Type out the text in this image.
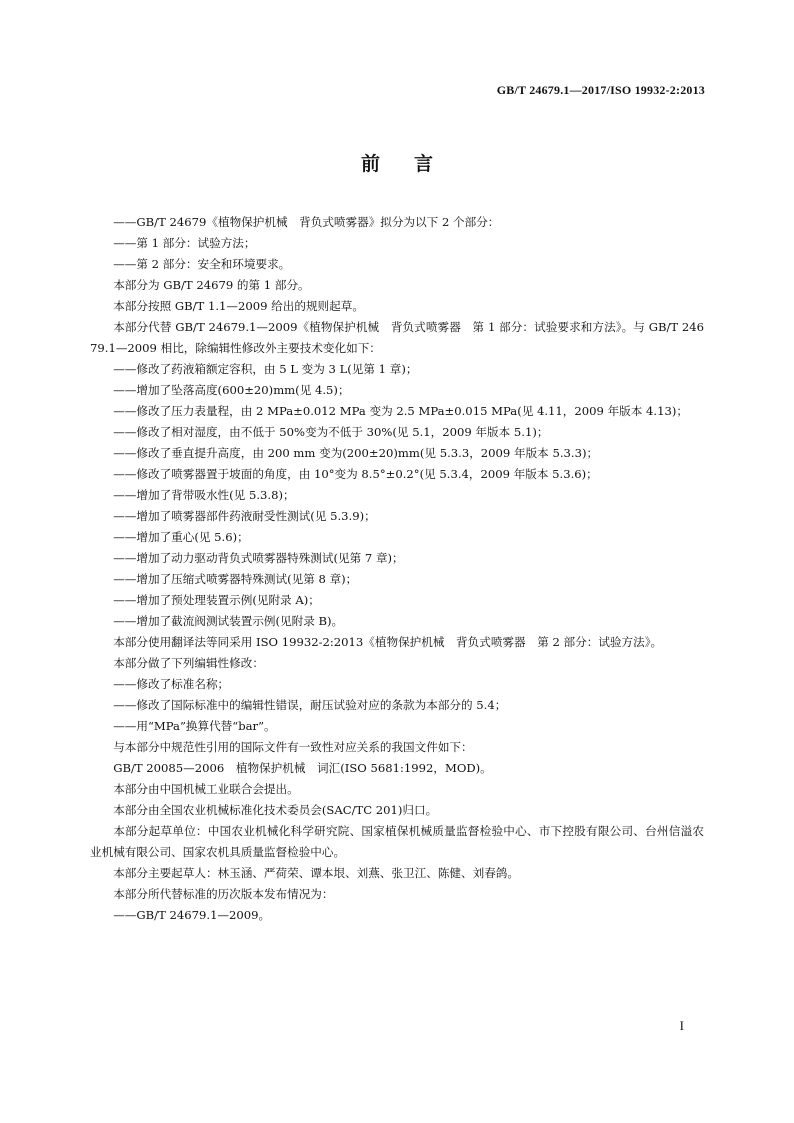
GB/T 24679.1—2017/ISO 19932-2:2013
前言

——GB/T 24679《植物保护机械　背负式喷雾器》拟分为以下 2 个部分：

——第 1 部分：试验方法；

——第 2 部分：安全和环境要求。

本部分为 GB/T 24679 的第 1 部分。

本部分按照 GB/T 1.1—2009 给出的规则起草。

本部分代替 GB/T 24679.1—2009《植物保护机械　背负式喷雾器　第 1 部分：试验要求和方法》。与 GB/T 24679.1—2009 相比，除编辑性修改外主要技术变化如下：

——修改了药液箱额定容积，由 5 L 变为 3 L(见第 1 章)；

——增加了坠落高度(600±20)mm(见 4.5)；

——修改了压力表量程，由 2 MPa±0.012 MPa 变为 2.5 MPa±0.015 MPa(见 4.11，2009 年版本 4.13)；

——修改了相对湿度，由不低于 50%变为不低于 30%(见 5.1，2009 年版本 5.1)；

——修改了垂直提升高度，由 200 mm 变为(200±20)mm(见 5.3.3，2009 年版本 5.3.3)；

——修改了喷雾器置于坡面的角度，由 10°变为 8.5°±0.2°(见 5.3.4，2009 年版本 5.3.6)；

——增加了背带吸水性(见 5.3.8)；

——增加了喷雾器部件药液耐受性测试(见 5.3.9)；

——增加了重心(见 5.6)；

——增加了动力驱动背负式喷雾器特殊测试(见第 7 章)；

——增加了压缩式喷雾器特殊测试(见第 8 章)；

——增加了预处理装置示例(见附录 A)；

——增加了截流阀测试装置示例(见附录 B)。

本部分使用翻译法等同采用 ISO 19932-2:2013《植物保护机械　背负式喷雾器　第 2 部分：试验方法》。

本部分做了下列编辑性修改：

——修改了标准名称；

——修改了国际标准中的编辑性错误，耐压试验对应的条款为本部分的 5.4；

——用“MPa”换算代替“bar”。

与本部分中规范性引用的国际文件有一致性对应关系的我国文件如下：

GB/T 20085—2006　植物保护机械　词汇(ISO 5681:1992，MOD)。

本部分由中国机械工业联合会提出。

本部分由全国农业机械标准化技术委员会(SAC/TC 201)归口。

本部分起草单位：中国农业机械化科学研究院、国家植保机械质量监督检验中心、市下控股有限公司、台州信溢农业机械有限公司、国家农机具质量监督检验中心。

本部分主要起草人：林玉涵、严荷荣、谭本垠、刘燕、张卫江、陈健、刘春鸽。

本部分所代替标准的历次版本发布情况为：

——GB/T 24679.1—2009。

I
